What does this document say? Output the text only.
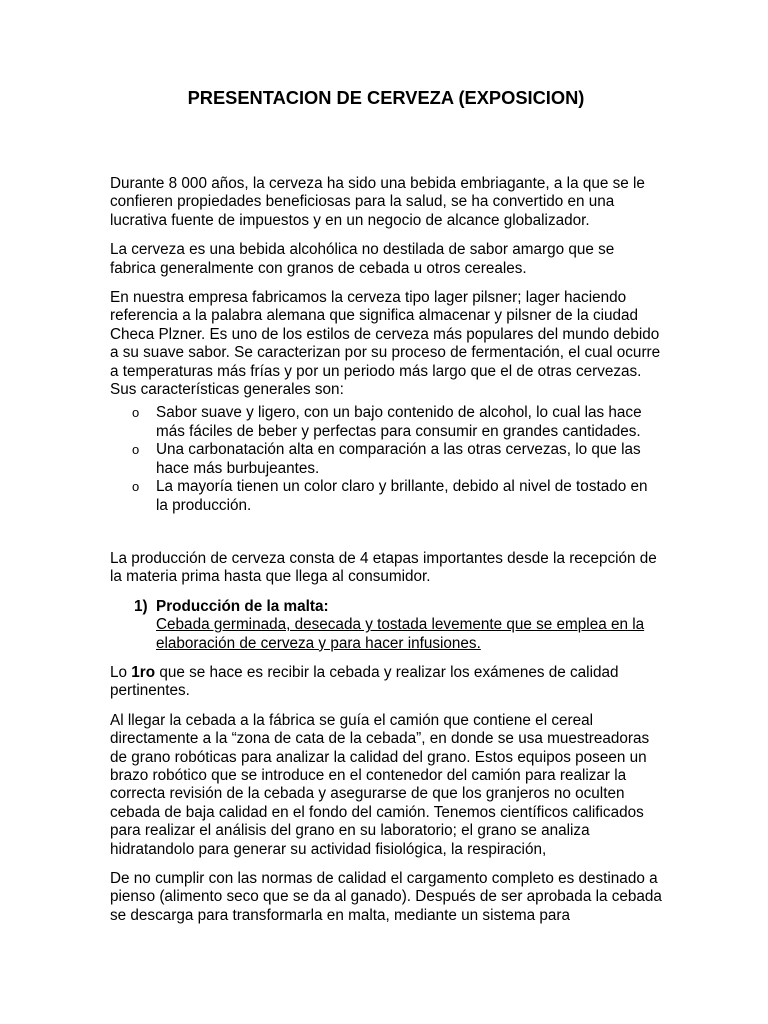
PRESENTACION DE CERVEZA (EXPOSICION)

Durante 8 000 años, la cerveza ha sido una bebida embriagante, a la que se le confieren propiedades beneficiosas para la salud, se ha convertido en una lucrativa fuente de impuestos y en un negocio de alcance globalizador.

La cerveza es una bebida alcohólica no destilada de sabor amargo que se fabrica generalmente con granos de cebada u otros cereales.

En nuestra empresa fabricamos la cerveza tipo lager pilsner; lager haciendo referencia a la palabra alemana que significa almacenar y pilsner de la ciudad Checa Plzner. Es uno de los estilos de cerveza más populares del mundo debido a su suave sabor. Se caracterizan por su proceso de fermentación, el cual ocurre a temperaturas más frías y por un periodo más largo que el de otras cervezas. Sus características generales son:

o Sabor suave y ligero, con un bajo contenido de alcohol, lo cual las hace más fáciles de beber y perfectas para consumir en grandes cantidades.
o Una carbonatación alta en comparación a las otras cervezas, lo que las hace más burbujeantes.
o La mayoría tienen un color claro y brillante, debido al nivel de tostado en la producción.

La producción de cerveza consta de 4 etapas importantes desde la recepción de la materia prima hasta que llega al consumidor.

1) Producción de la malta:
Cebada germinada, desecada y tostada levemente que se emplea en la elaboración de cerveza y para hacer infusiones.

Lo 1ro que se hace es recibir la cebada y realizar los exámenes de calidad pertinentes.

Al llegar la cebada a la fábrica se guía el camión que contiene el cereal directamente a la “zona de cata de la cebada”, en donde se usa muestreadoras de grano robóticas para analizar la calidad del grano. Estos equipos poseen un brazo robótico que se introduce en el contenedor del camión para realizar la correcta revisión de la cebada y asegurarse de que los granjeros no oculten cebada de baja calidad en el fondo del camión. Tenemos científicos calificados para realizar el análisis del grano en su laboratorio; el grano se analiza hidratandolo para generar su actividad fisiológica, la respiración,

De no cumplir con las normas de calidad el cargamento completo es destinado a pienso (alimento seco que se da al ganado). Después de ser aprobada la cebada se descarga para transformarla en malta, mediante un sistema para
